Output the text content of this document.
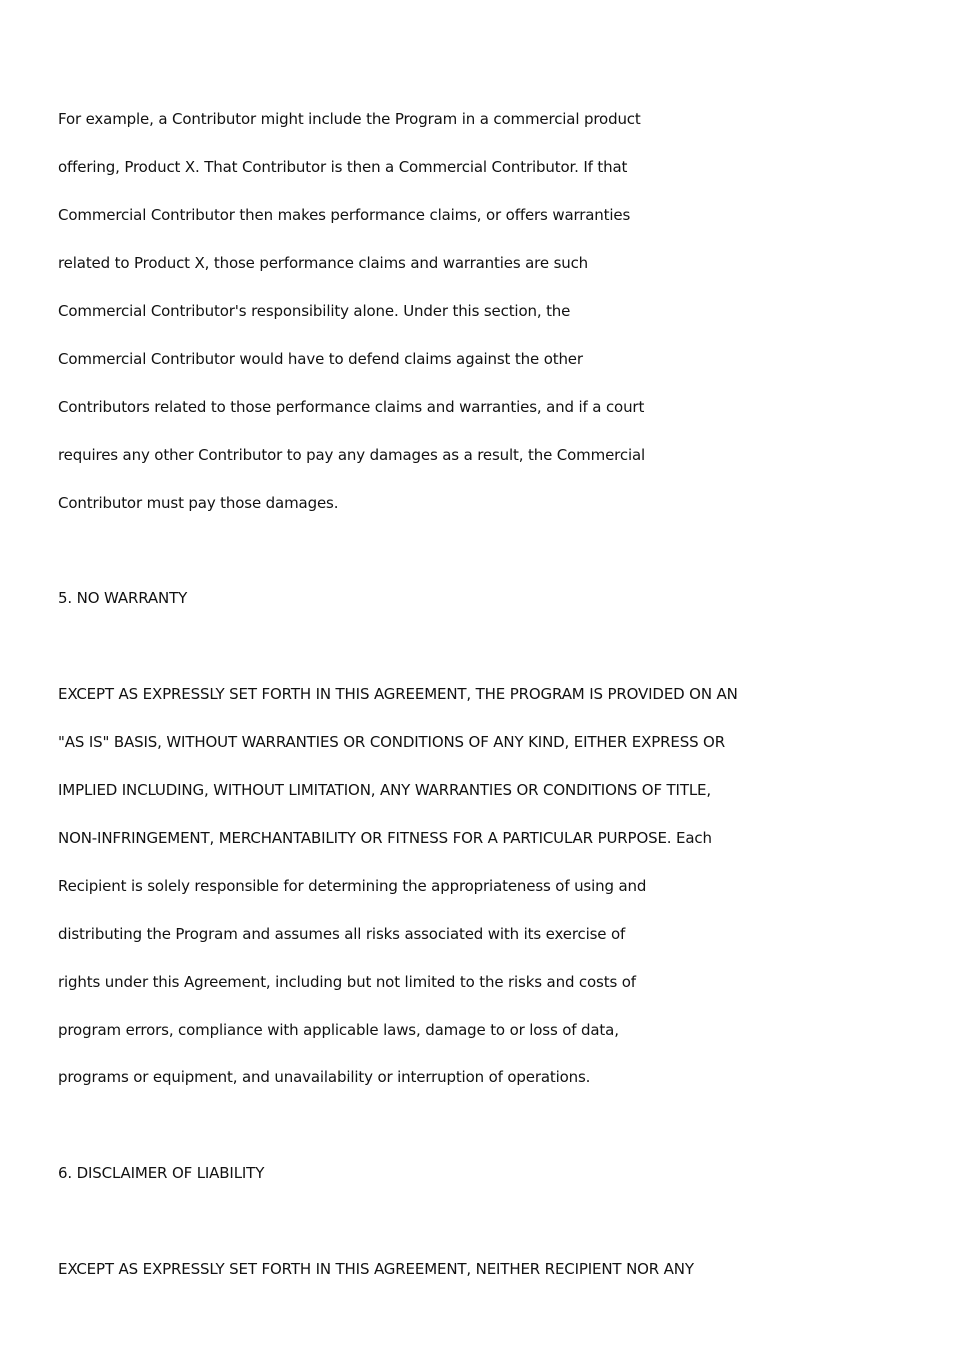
For example, a Contributor might include the Program in a commercial product
offering, Product X. That Contributor is then a Commercial Contributor. If that
Commercial Contributor then makes performance claims, or offers warranties
related to Product X, those performance claims and warranties are such
Commercial Contributor's responsibility alone. Under this section, the
Commercial Contributor would have to defend claims against the other
Contributors related to those performance claims and warranties, and if a court
requires any other Contributor to pay any damages as a result, the Commercial
Contributor must pay those damages.
5. NO WARRANTY
EXCEPT AS EXPRESSLY SET FORTH IN THIS AGREEMENT, THE PROGRAM IS PROVIDED ON AN
"AS IS" BASIS, WITHOUT WARRANTIES OR CONDITIONS OF ANY KIND, EITHER EXPRESS OR
IMPLIED INCLUDING, WITHOUT LIMITATION, ANY WARRANTIES OR CONDITIONS OF TITLE,
NON-INFRINGEMENT, MERCHANTABILITY OR FITNESS FOR A PARTICULAR PURPOSE. Each
Recipient is solely responsible for determining the appropriateness of using and
distributing the Program and assumes all risks associated with its exercise of
rights under this Agreement, including but not limited to the risks and costs of
program errors, compliance with applicable laws, damage to or loss of data,
programs or equipment, and unavailability or interruption of operations.
6. DISCLAIMER OF LIABILITY
EXCEPT AS EXPRESSLY SET FORTH IN THIS AGREEMENT, NEITHER RECIPIENT NOR ANY
